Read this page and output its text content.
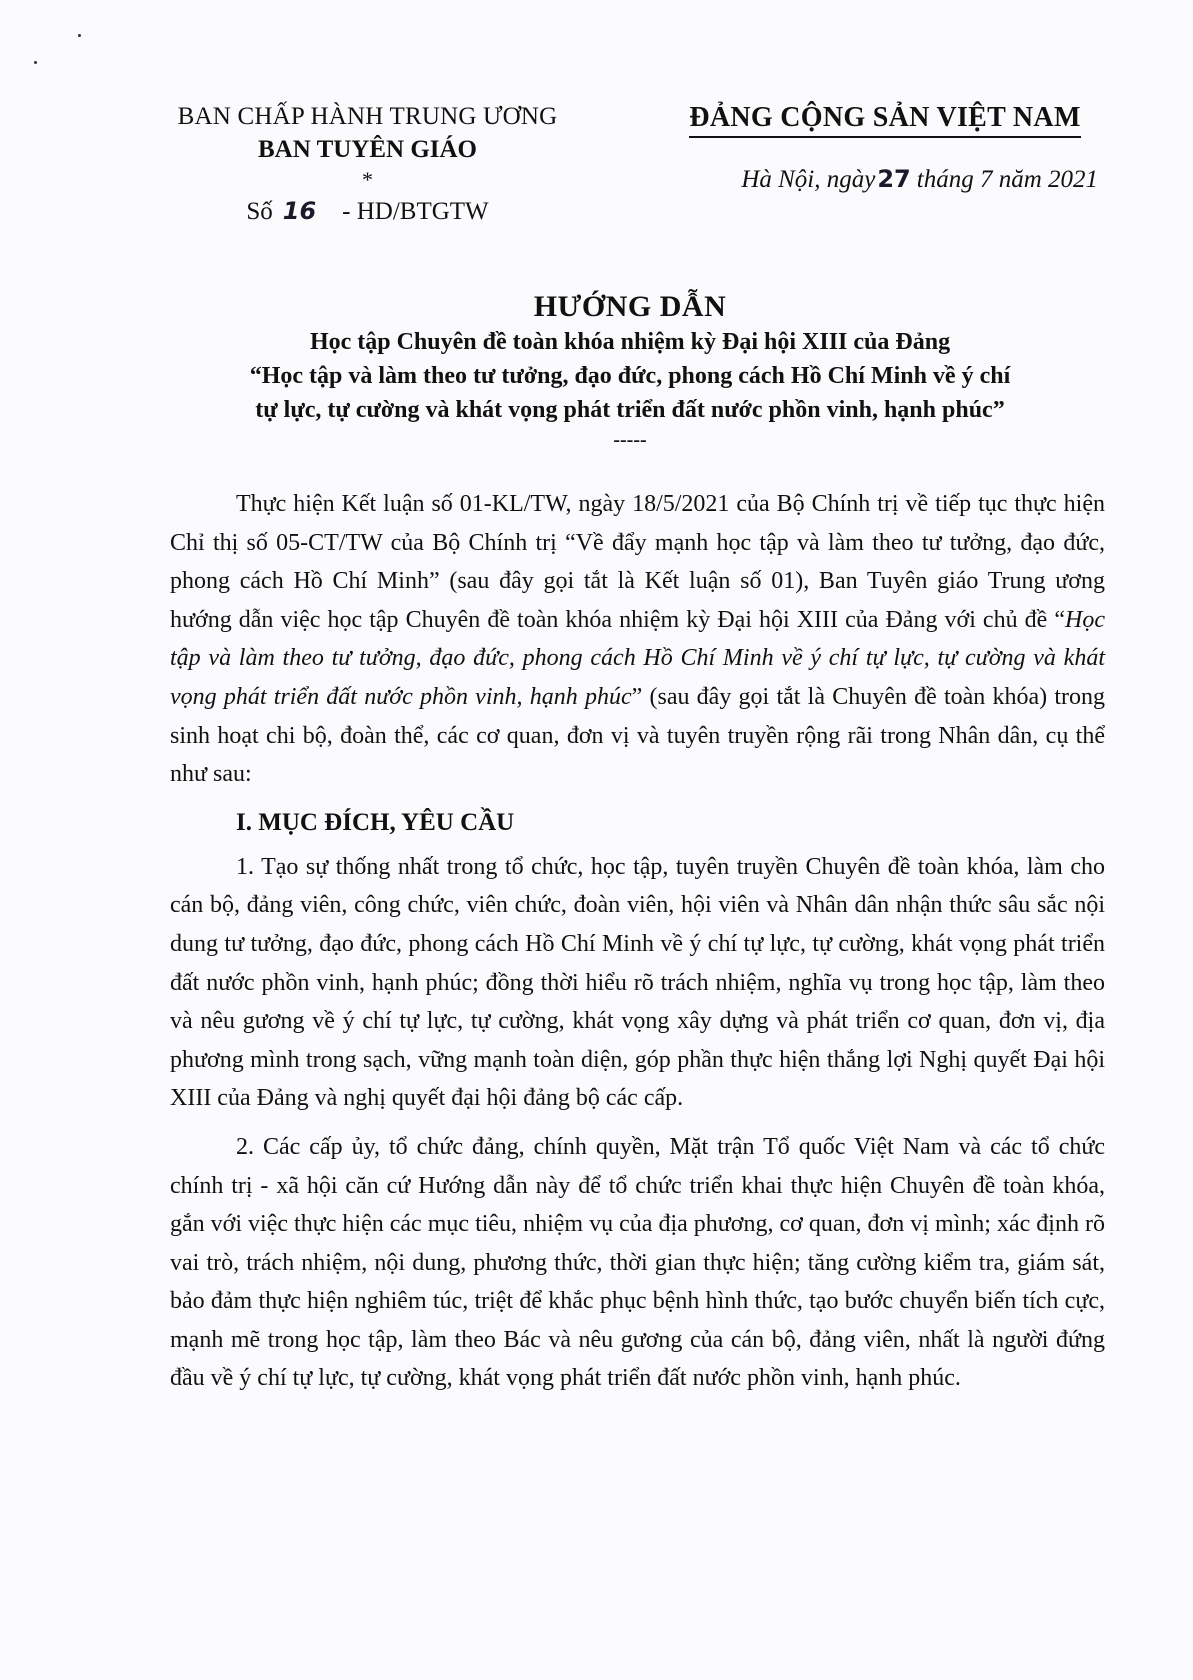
BAN CHẤP HÀNH TRUNG ƯƠNG
BAN TUYÊN GIÁO
*
Số 16 - HD/BTGTW
ĐẢNG CỘNG SẢN VIỆT NAM
Hà Nội, ngày27 tháng 7 năm 2021
HƯỚNG DẪN
Học tập Chuyên đề toàn khóa nhiệm kỳ Đại hội XIII của Đảng
“Học tập và làm theo tư tưởng, đạo đức, phong cách Hồ Chí Minh về ý chí
tự lực, tự cường và khát vọng phát triển đất nước phồn vinh, hạnh phúc”
-----

Thực hiện Kết luận số 01-KL/TW, ngày 18/5/2021 của Bộ Chính trị về tiếp tục thực hiện Chỉ thị số 05-CT/TW của Bộ Chính trị “Về đẩy mạnh học tập và làm theo tư tưởng, đạo đức, phong cách Hồ Chí Minh” (sau đây gọi tắt là Kết luận số 01), Ban Tuyên giáo Trung ương hướng dẫn việc học tập Chuyên đề toàn khóa nhiệm kỳ Đại hội XIII của Đảng với chủ đề “Học tập và làm theo tư tưởng, đạo đức, phong cách Hồ Chí Minh về ý chí tự lực, tự cường và khát vọng phát triển đất nước phồn vinh, hạnh phúc” (sau đây gọi tắt là Chuyên đề toàn khóa) trong sinh hoạt chi bộ, đoàn thể, các cơ quan, đơn vị và tuyên truyền rộng rãi trong Nhân dân, cụ thể như sau:

I. MỤC ĐÍCH, YÊU CẦU

1. Tạo sự thống nhất trong tổ chức, học tập, tuyên truyền Chuyên đề toàn khóa, làm cho cán bộ, đảng viên, công chức, viên chức, đoàn viên, hội viên và Nhân dân nhận thức sâu sắc nội dung tư tưởng, đạo đức, phong cách Hồ Chí Minh về ý chí tự lực, tự cường, khát vọng phát triển đất nước phồn vinh, hạnh phúc; đồng thời hiểu rõ trách nhiệm, nghĩa vụ trong học tập, làm theo và nêu gương về ý chí tự lực, tự cường, khát vọng xây dựng và phát triển cơ quan, đơn vị, địa phương mình trong sạch, vững mạnh toàn diện, góp phần thực hiện thắng lợi Nghị quyết Đại hội XIII của Đảng và nghị quyết đại hội đảng bộ các cấp.

2. Các cấp ủy, tổ chức đảng, chính quyền, Mặt trận Tổ quốc Việt Nam và các tổ chức chính trị - xã hội căn cứ Hướng dẫn này để tổ chức triển khai thực hiện Chuyên đề toàn khóa, gắn với việc thực hiện các mục tiêu, nhiệm vụ của địa phương, cơ quan, đơn vị mình; xác định rõ vai trò, trách nhiệm, nội dung, phương thức, thời gian thực hiện; tăng cường kiểm tra, giám sát, bảo đảm thực hiện nghiêm túc, triệt để khắc phục bệnh hình thức, tạo bước chuyển biến tích cực, mạnh mẽ trong học tập, làm theo Bác và nêu gương của cán bộ, đảng viên, nhất là người đứng đầu về ý chí tự lực, tự cường, khát vọng phát triển đất nước phồn vinh, hạnh phúc.
